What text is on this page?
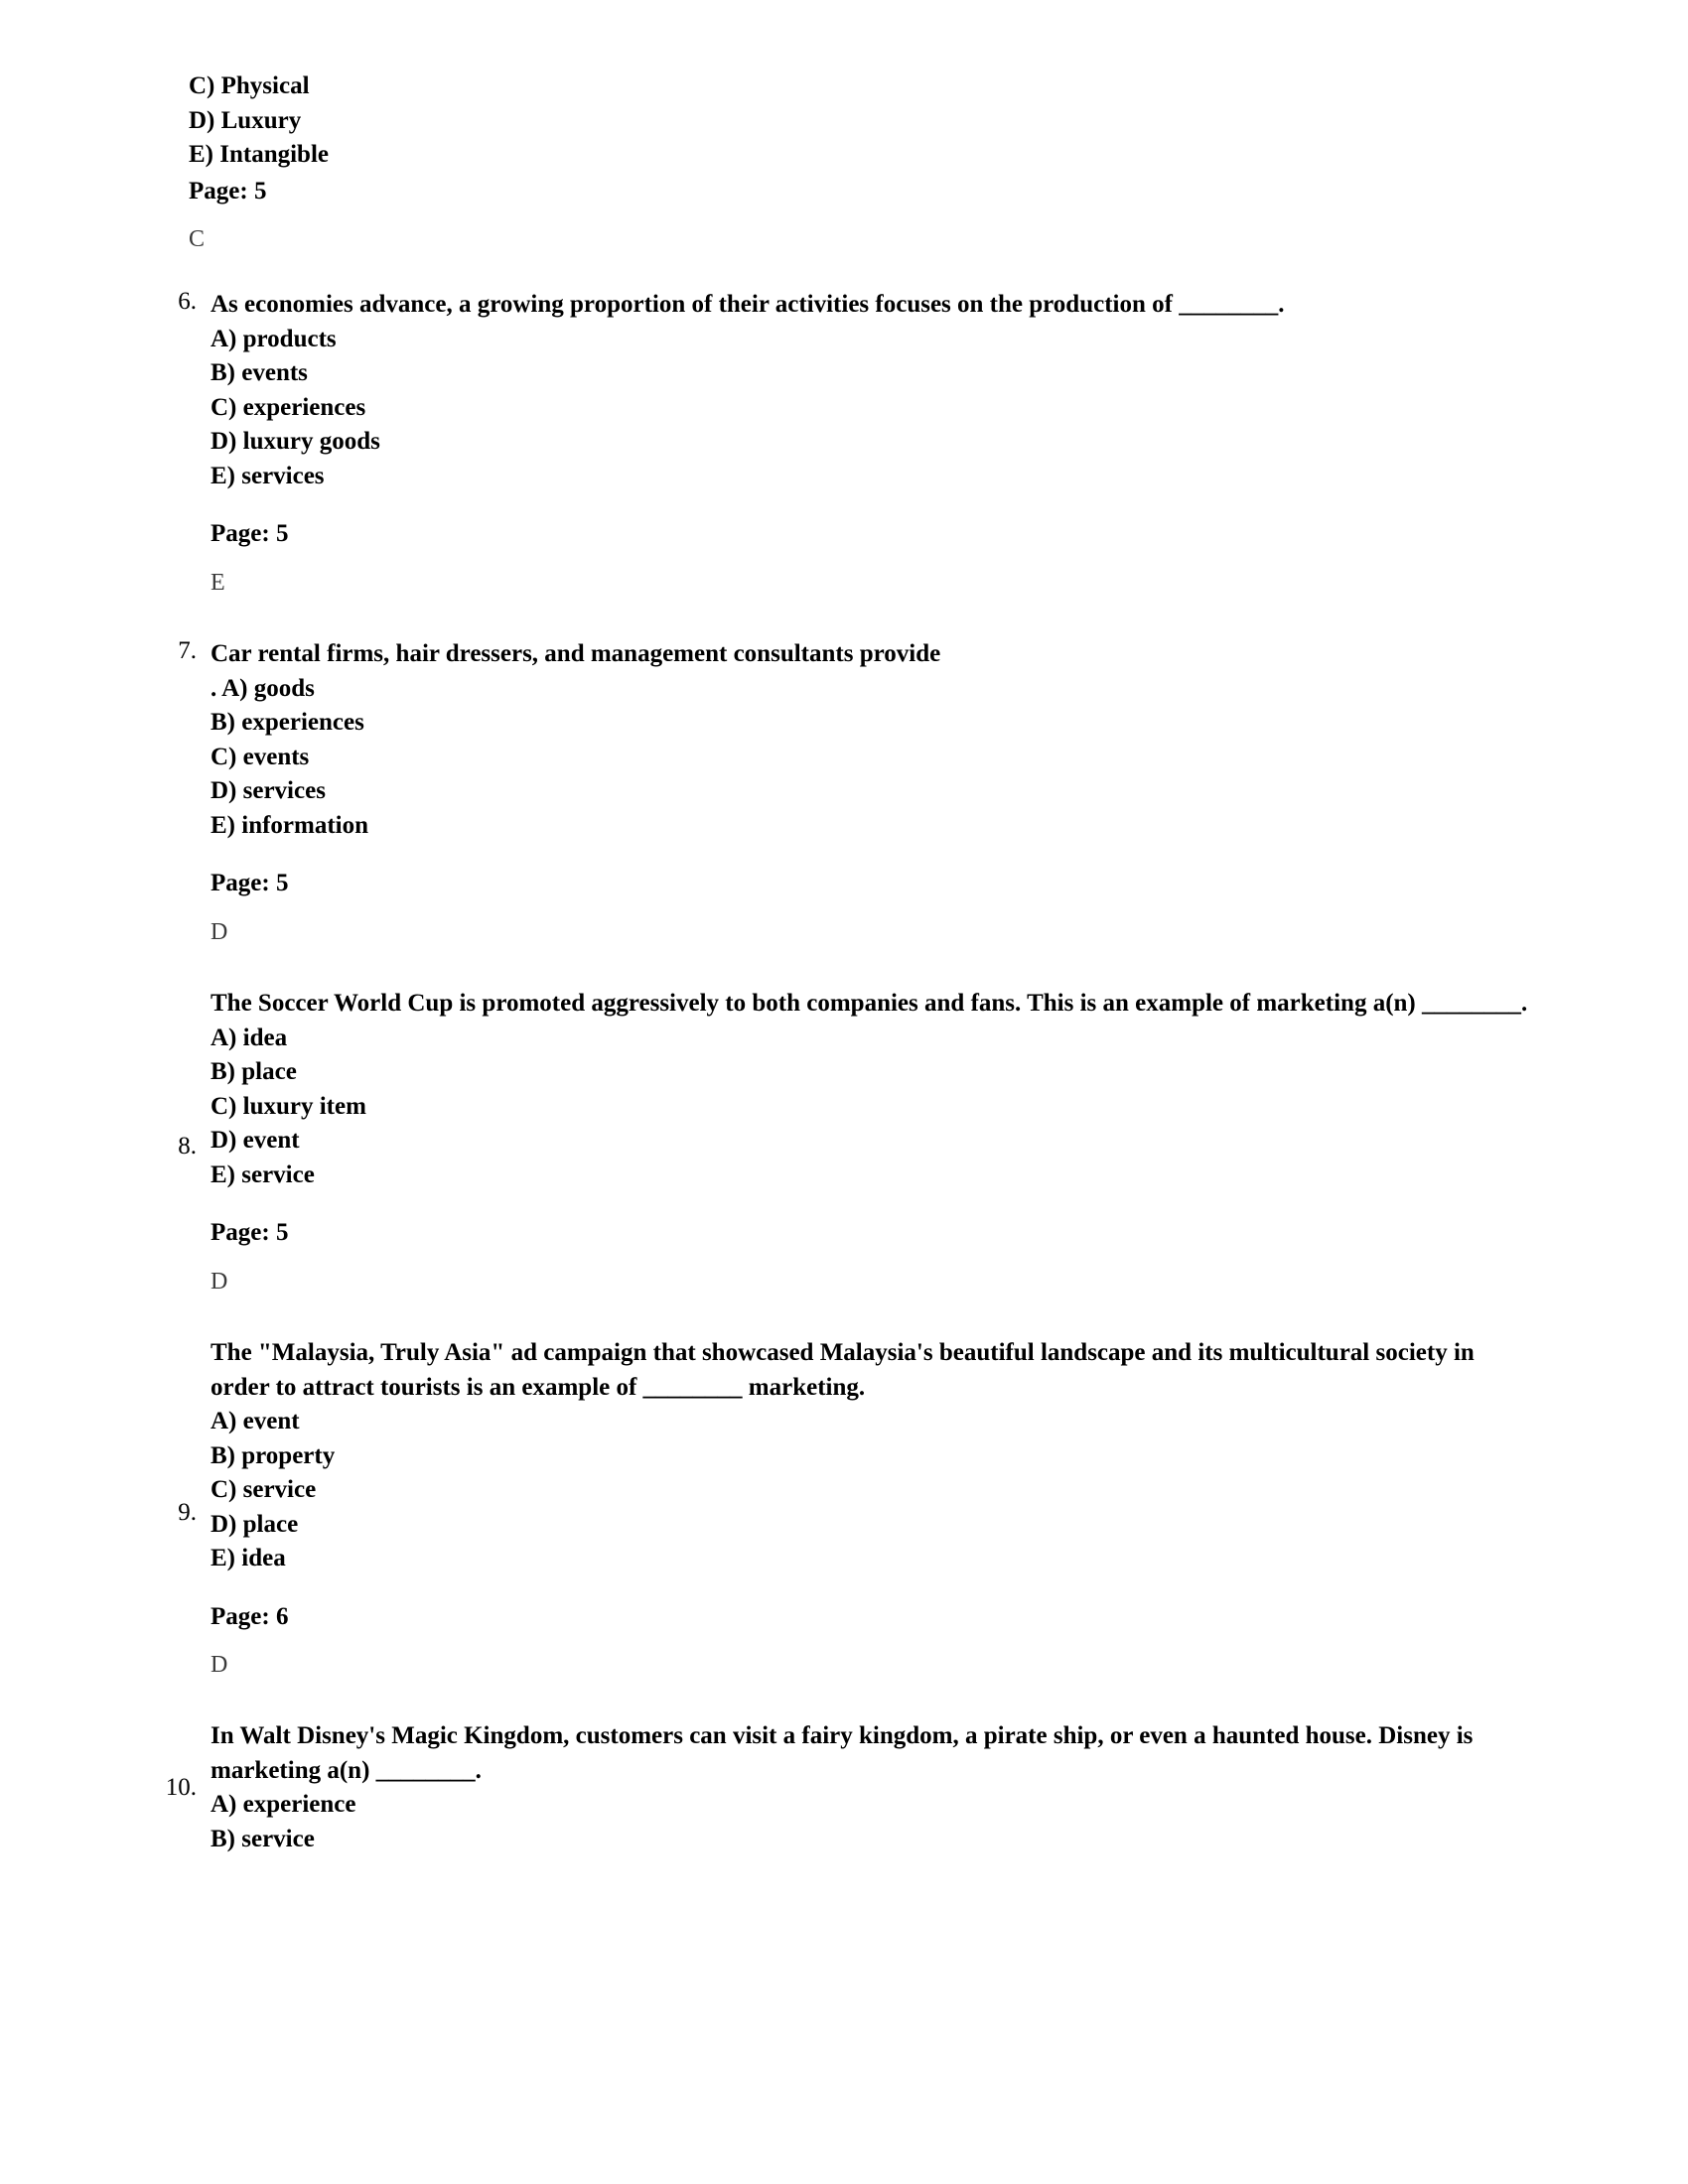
C) Physical
D) Luxury
E) Intangible
Page: 5
C
6. As economies advance, a growing proportion of their activities focuses on the production of ________.
A) products
B) events
C) experiences
D) luxury goods
E) services
Page: 5
E
7. Car rental firms, hair dressers, and management consultants provide
. A) goods
B) experiences
C) events
D) services
E) information
Page: 5
D
8.
The Soccer World Cup is promoted aggressively to both companies and fans. This is an example of marketing a(n) ________.
A) idea
B) place
C) luxury item
D) event
E) service
Page: 5
D
9.
The "Malaysia, Truly Asia" ad campaign that showcased Malaysia's beautiful landscape and its multicultural society in order to attract tourists is an example of ________ marketing.
A) event
B) property
C) service
D) place
E) idea
Page: 6
D
10.
In Walt Disney's Magic Kingdom, customers can visit a fairy kingdom, a pirate ship, or even a haunted house. Disney is marketing a(n) ________.
A) experience
B) service
